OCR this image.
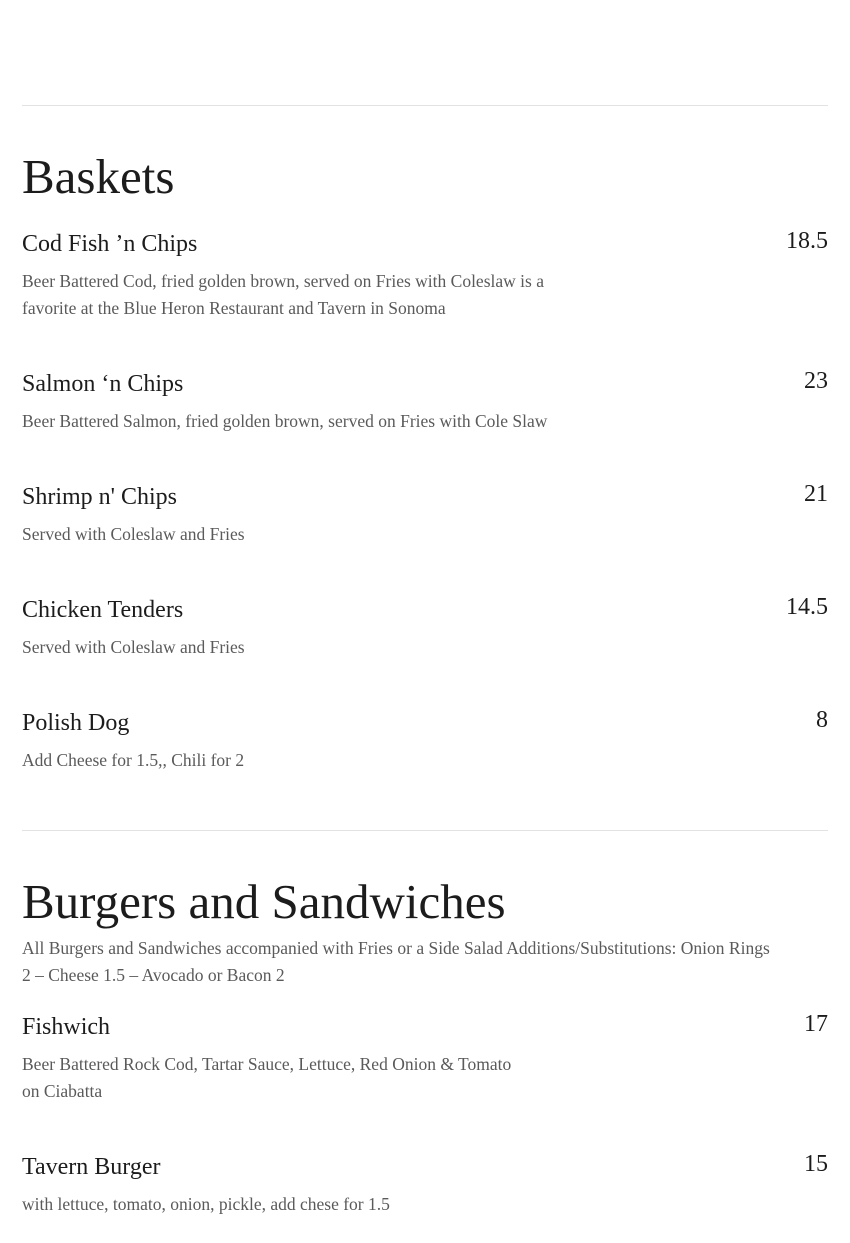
Baskets
Cod Fish ’n Chips	18.5
Beer Battered Cod, fried golden brown, served on Fries with Coleslaw is a
favorite at the Blue Heron Restaurant and Tavern in Sonoma
Salmon ‘n Chips	23
Beer Battered Salmon, fried golden brown, served on Fries with Cole Slaw
Shrimp n' Chips	21
Served with Coleslaw and Fries
Chicken Tenders	14.5
Served with Coleslaw and Fries
Polish Dog	8
Add Cheese for 1.5,, Chili for 2
Burgers and Sandwiches
All Burgers and Sandwiches accompanied with Fries or a Side Salad Additions/Substitutions: Onion Rings
2 – Cheese 1.5 – Avocado or Bacon 2
Fishwich	17
Beer Battered Rock Cod, Tartar Sauce, Lettuce, Red Onion & Tomato
on Ciabatta
Tavern Burger	15
with lettuce, tomato, onion, pickle, add chese for 1.5
